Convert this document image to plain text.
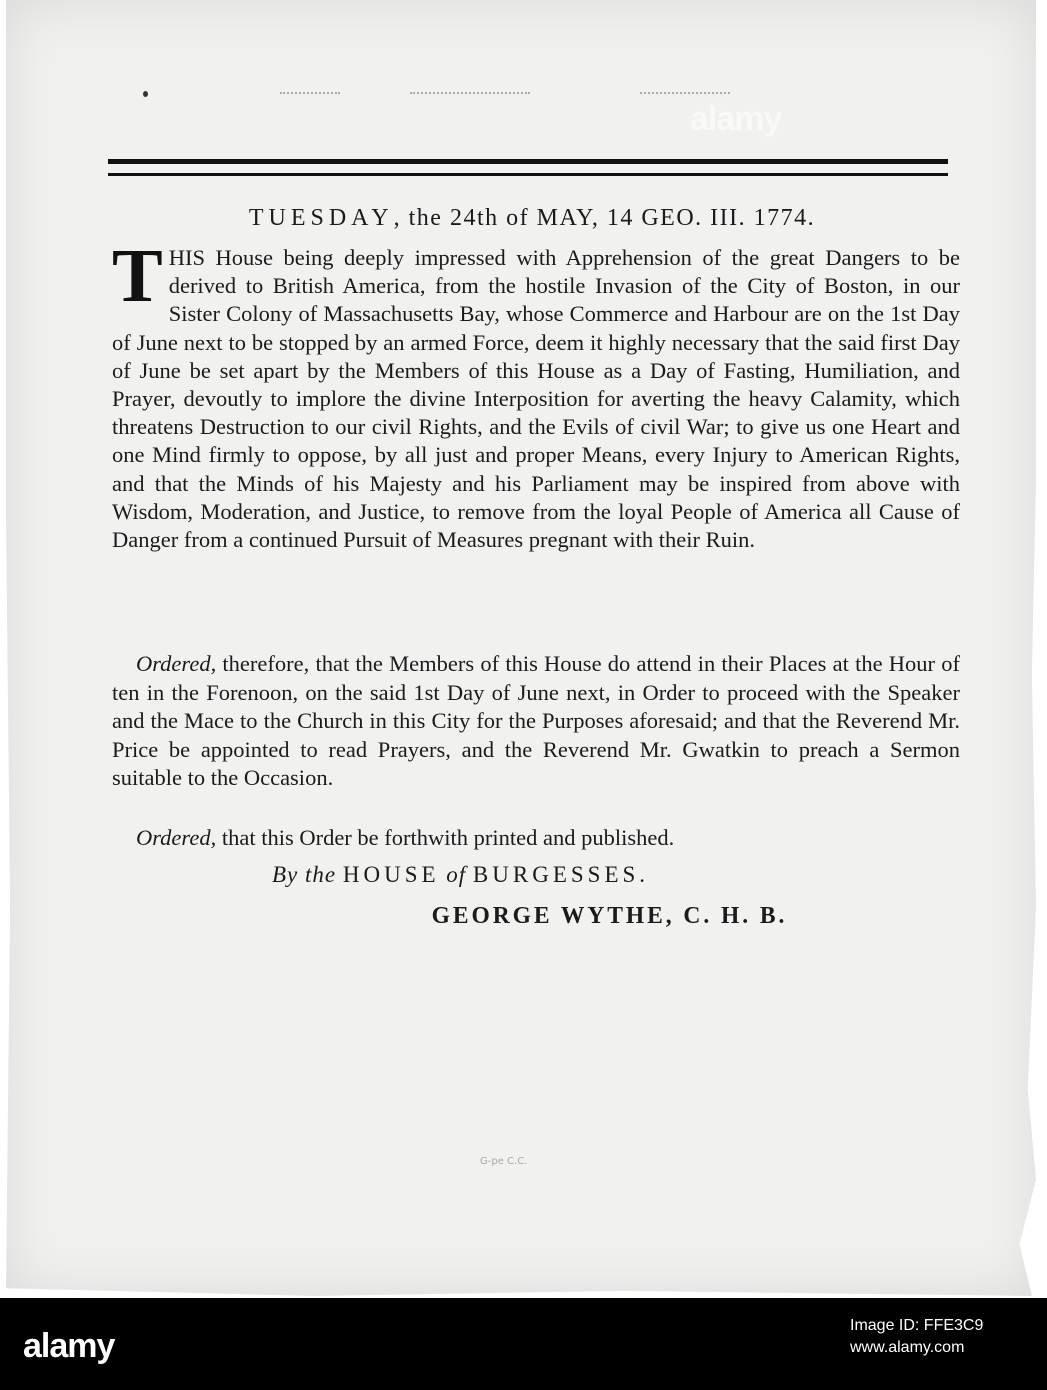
TUESDAY, the 24th of MAY, 14 GEO. III. 1774.
THIS House being deeply impressed with Apprehension of the great Dangers to be derived to British America, from the hostile Invasion of the City of Boston, in our Sister Colony of Massachusetts Bay, whose Commerce and Harbour are on the 1st Day of June next to be stopped by an armed Force, deem it highly necessary that the said first Day of June be set apart by the Members of this House as a Day of Fasting, Humiliation, and Prayer, devoutly to implore the divine Interposition for averting the heavy Calamity, which threatens Destruction to our civil Rights, and the Evils of civil War; to give us one Heart and one Mind firmly to oppose, by all just and proper Means, every Injury to American Rights, and that the Minds of his Majesty and his Parliament may be inspired from above with Wisdom, Moderation, and Justice, to remove from the loyal People of America all Cause of Danger from a continued Pursuit of Measures pregnant with their Ruin.
Ordered, therefore, that the Members of this House do attend in their Places at the Hour of ten in the Forenoon, on the said 1st Day of June next, in Order to proceed with the Speaker and the Mace to the Church in this City for the Purposes aforesaid; and that the Reverend Mr. Price be appointed to read Prayers, and the Reverend Mr. Gwatkin to preach a Sermon suitable to the Occasion.
Ordered, that this Order be forthwith printed and published.
By the HOUSE of BURGESSES.
GEORGE WYTHE, C. H. B.
G-pe C.C.
alamy
alamy
Image ID: FFE3C9
www.alamy.com
